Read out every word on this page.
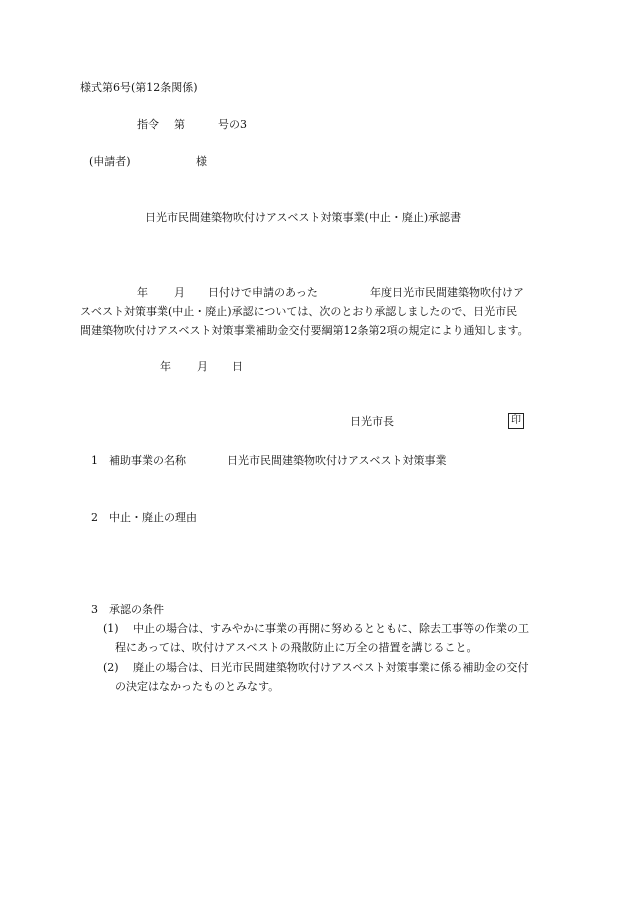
様式第6号(第12条関係)
指令 第	号の3
(申請者)	様
日光市民間建築物吹付けアスベスト対策事業(中止・廃止)承認書
年 月 日付けで申請のあった	年度日光市民間建築物吹付けア
スベスト対策事業(中止・廃止)承認については、次のとおり承認しましたので、日光市民
間建築物吹付けアスベスト対策事業補助金交付要綱第12条第2項の規定により通知します。
年 月 日
日光市長	印
1　補助事業の名称	日光市民間建築物吹付けアスベスト対策事業
2　中止・廃止の理由
3　承認の条件
(1) 中止の場合は、すみやかに事業の再開に努めるとともに、除去工事等の作業の工
程にあっては、吹付けアスベストの飛散防止に万全の措置を講じること。
(2) 廃止の場合は、日光市民間建築物吹付けアスベスト対策事業に係る補助金の交付
の決定はなかったものとみなす。
